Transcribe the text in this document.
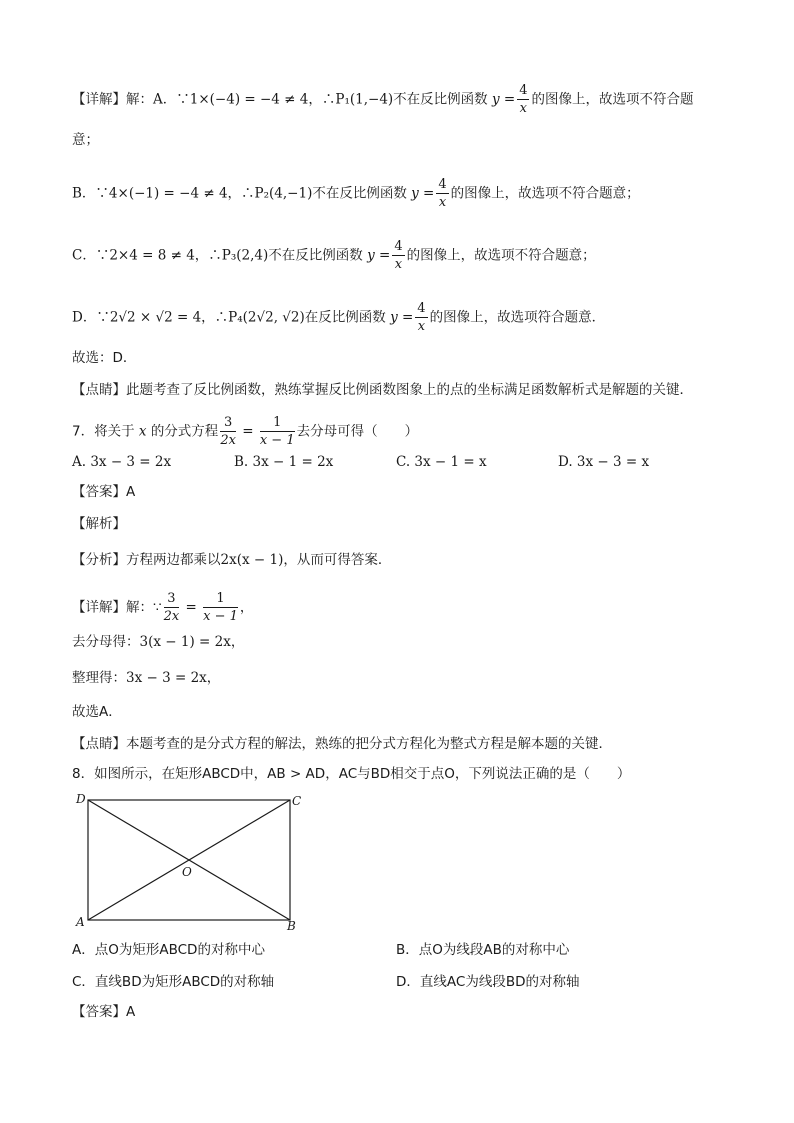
【详解】解：A．∵1×(−4) = −4 ≠ 4，∴P₁(1,−4)不在反比例函数 $y = \frac{4}{x}$ 的图像上，故选项不符合题
意；
B．∵4×(−1) = −4 ≠ 4，∴P₂(4,−1)不在反比例函数 $y = \frac{4}{x}$ 的图像上，故选项不符合题意；
C．∵2×4 = 8 ≠ 4，∴P₃(2,4)不在反比例函数 $y = \frac{4}{x}$ 的图像上，故选项不符合题意；
D．∵2√2 × √2 = 4，∴P₄(2√2, √2)在反比例函数 $y = \frac{4}{x}$ 的图像上，故选项符合题意．
故选：D．
【点睛】此题考查了反比例函数，熟练掌握反比例函数图象上的点的坐标满足函数解析式是解题的关键．
7．将关于 x 的分式方程 $\frac{3}{2x} = \frac{1}{x - 1}$ 去分母可得（　　）
A. 3x − 3 = 2x	B. 3x − 1 = 2x	C. 3x − 1 = x	D. 3x − 3 = x
【答案】A
【解析】
【分析】方程两边都乘以2x(x − 1)，从而可得答案．
【详解】解：∵ $\frac{3}{2x} = \frac{1}{x - 1}$ ，
去分母得：3(x − 1) = 2x，
整理得：3x − 3 = 2x，
故选A．
【点睛】本题考查的是分式方程的解法，熟练的把分式方程化为整式方程是解本题的关键．
8．如图所示，在矩形ABCD中，AB > AD，AC与BD相交于点O，下列说法正确的是（　　）
D	C
O
A	B
A．点O为矩形ABCD的对称中心	B．点O为线段AB的对称中心
C．直线BD为矩形ABCD的对称轴	D．直线AC为线段BD的对称轴
【答案】A
